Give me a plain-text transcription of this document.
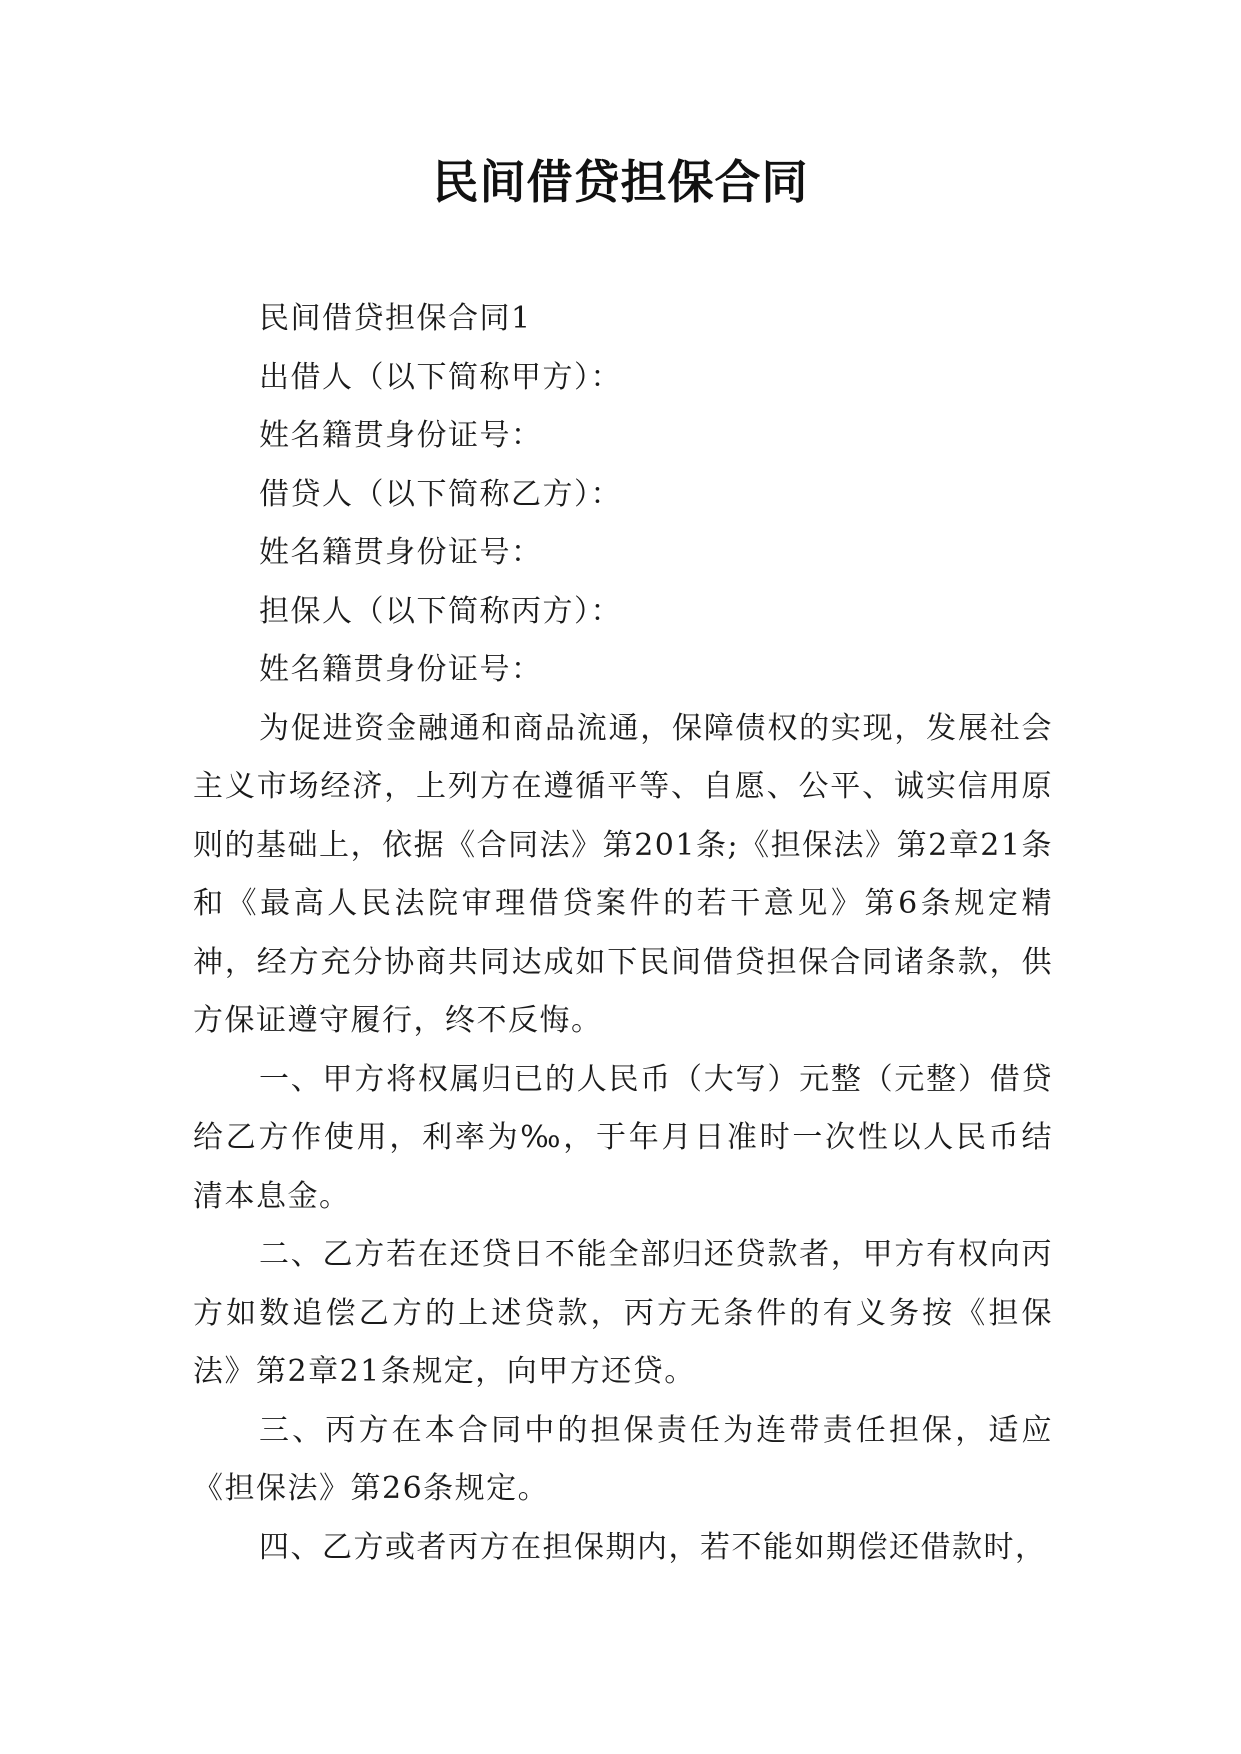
民间借贷担保合同

民间借贷担保合同1

出借人（以下简称甲方）：

姓名籍贯身份证号：

借贷人（以下简称乙方）：

姓名籍贯身份证号：

担保人（以下简称丙方）：

姓名籍贯身份证号：

为促进资金融通和商品流通，保障债权的实现，发展社会主义市场经济，上列方在遵循平等、自愿、公平、诚实信用原则的基础上，依据《合同法》第201条;《担保法》第2章21条和《最高人民法院审理借贷案件的若干意见》第6条规定精神，经方充分协商共同达成如下民间借贷担保合同诸条款，供方保证遵守履行，终不反悔。

一、甲方将权属归已的人民币（大写）元整（元整）借贷给乙方作使用，利率为‰，于年月日准时一次性以人民币结清本息金。

二、乙方若在还贷日不能全部归还贷款者，甲方有权向丙方如数追偿乙方的上述贷款，丙方无条件的有义务按《担保法》第2章21条规定，向甲方还贷。

三、丙方在本合同中的担保责任为连带责任担保，适应《担保法》第26条规定。

四、乙方或者丙方在担保期内，若不能如期偿还借款时，
